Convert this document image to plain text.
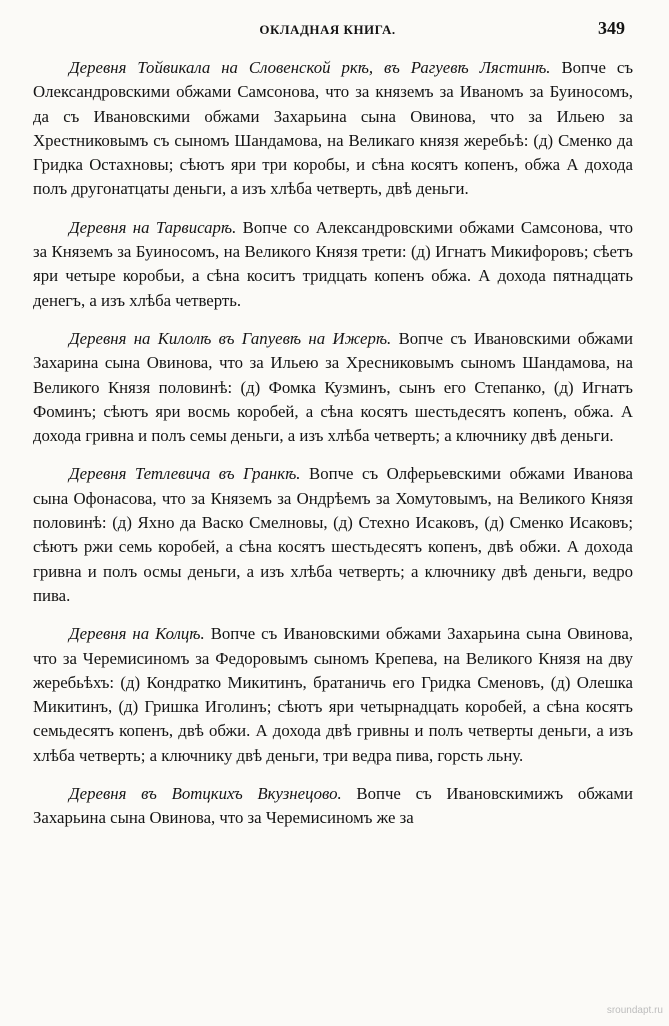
ОКЛАДНАЯ КНИГА.	349

Деревня Тойвикала на Словенской ркѣ, въ Рагуевѣ Лястинѣ. Вопче съ Олександровскими обжами Самсонова, что за княземъ за Иваномъ за Буиносомъ, да съ Ивановскими обжами Захарьина сына Овинова, что за Ильею за Хрестниковымъ съ сыномъ Шандамова, на Великаго князя жеребьѣ: (д) Сменко да Гридка Остахновы; сѣютъ яри три коробы, и сѣна косятъ копенъ, обжа А дохода полъ другонатцаты деньги, а изъ хлѣба четверть, двѣ деньги.

Деревня на Тарвисарѣ. Вопче со Александровскими обжами Самсонова, что за Княземъ за Буиносомъ, на Великого Князя трети: (д) Игнатъ Микифоровъ; сѣетъ яри четыре коробьи, а сѣна коситъ тридцать копенъ обжа. А дохода пятнадцать денегъ, а изъ хлѣба четверть.

Деревня на Килолѣ въ Гапуевѣ на Ижерѣ. Вопче съ Ивановскими обжами Захарина сына Овинова, что за Ильею за Хресниковымъ сыномъ Шандамова, на Великого Князя половинѣ: (д) Фомка Кузминъ, сынъ его Степанко, (д) Игнатъ Фоминъ; сѣютъ яри восмь коробей, а сѣна косятъ шестьдесятъ копенъ, обжа. А дохода гривна и полъ семы деньги, а изъ хлѣба четверть; а ключнику двѣ деньги.

Деревня Тетлевича въ Гранкѣ. Вопче съ Олферьевскими обжами Иванова сына Офонасова, что за Княземъ за Ондрѣемъ за Хомутовымъ, на Великого Князя половинѣ: (д) Яхно да Васко Смелновы, (д) Стехно Исаковъ, (д) Сменко Исаковъ; сѣютъ ржи семь коробей, а сѣна косятъ шестьдесятъ копенъ, двѣ обжи. А дохода гривна и полъ осмы деньги, а изъ хлѣба четверть; а ключнику двѣ деньги, ведро пива.

Деревня на Колцѣ. Вопче съ Ивановскими обжами Захарьина сына Овинова, что за Черемисиномъ за Федоровымъ сыномъ Крепева, на Великого Князя на дву жеребьѣхъ: (д) Кондратко Микитинъ, братаничь его Гридка Сменовъ, (д) Олешка Микитинъ, (д) Гришка Иголинъ; сѣютъ яри четырнадцать коробей, а сѣна косятъ семьдесятъ копенъ, двѣ обжи. А дохода двѣ гривны и полъ четверты деньги, а изъ хлѣба четверть; а ключнику двѣ деньги, три ведра пива, горсть льну.

Деревня въ Вотцкихъ Вкузнецово. Вопче съ Ивановскимижъ обжами Захарьина сына Овинова, что за Черемисиномъ же за

sroundapt.ru
